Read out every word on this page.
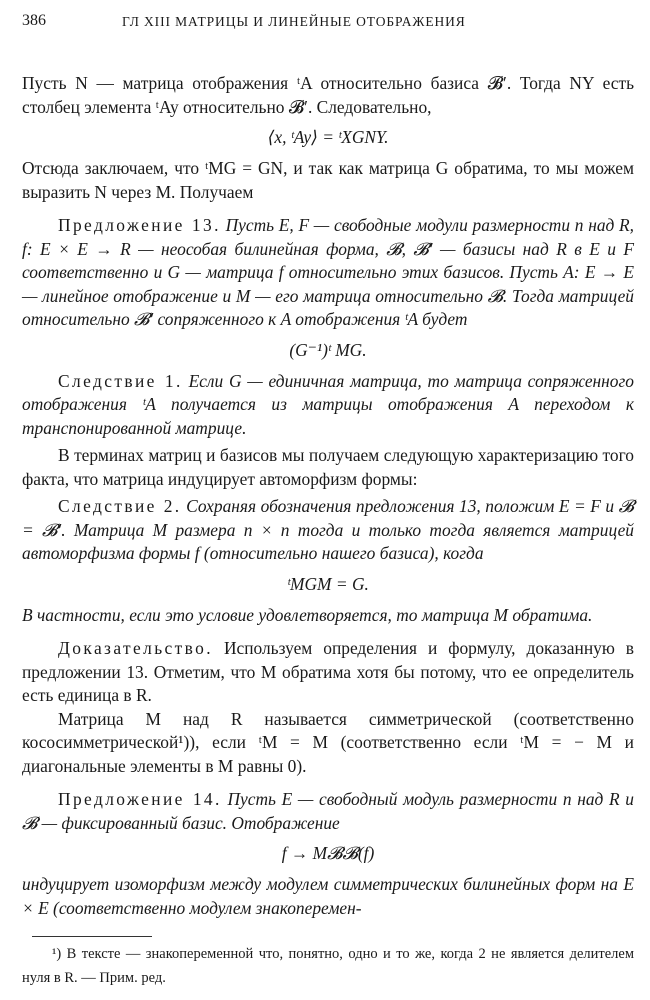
386	ГЛ XIII МАТРИЦЫ И ЛИНЕЙНЫЕ ОТОБРАЖЕНИЯ

Пусть N — матрица отображения ᵗA относительно базиса 𝓑′. Тогда NY есть столбец элемента ᵗAy относительно 𝓑′. Следовательно,

⟨x, ᵗAy⟩ = ᵗXGNY.

Отсюда заключаем, что ᵗMG = GN, и так как матрица G обратима, то мы можем выразить N через M. Получаем

Предложение 13. Пусть E, F — свободные модули размерности n над R, f: E × E → R — неособая билинейная форма, 𝓑, 𝓑′ — базисы над R в E и F соответственно и G — матрица f относительно этих базисов. Пусть A: E → E — линейное отображение и M — его матрица относительно 𝓑. Тогда матрицей относительно 𝓑′ сопряженного к A отображения ᵗA будет

(G⁻¹)ᵗ MG.

Следствие 1. Если G — единичная матрица, то матрица сопряженного отображения ᵗA получается из матрицы отображения A переходом к транспонированной матрице.

В терминах матриц и базисов мы получаем следующую характеризацию того факта, что матрица индуцирует автоморфизм формы:

Следствие 2. Сохраняя обозначения предложения 13, положим E = F и 𝓑 = 𝓑′. Матрица M размера n × n тогда и только тогда является матрицей автоморфизма формы f (относительно нашего базиса), когда

ᵗMGM = G.

В частности, если это условие удовлетворяется, то матрица M обратима.

Доказательство. Используем определения и формулу, доказанную в предложении 13. Отметим, что M обратима хотя бы потому, что ее определитель есть единица в R.

Матрица M над R называется симметрической (соответственно кососимметрической¹)), если ᵗM = M (соответственно если ᵗM = − M и диагональные элементы в M равны 0).

Предложение 14. Пусть E — свободный модуль размерности n над R и 𝓑 — фиксированный базис. Отображение

f → M𝓑𝓑(f)

индуцирует изоморфизм между модулем симметрических билинейных форм на E × E (соответственно модулем знакоперемен-

¹) В тексте — знакопеременной что, понятно, одно и то же, когда 2 не является делителем нуля в R. — Прим. ред.
